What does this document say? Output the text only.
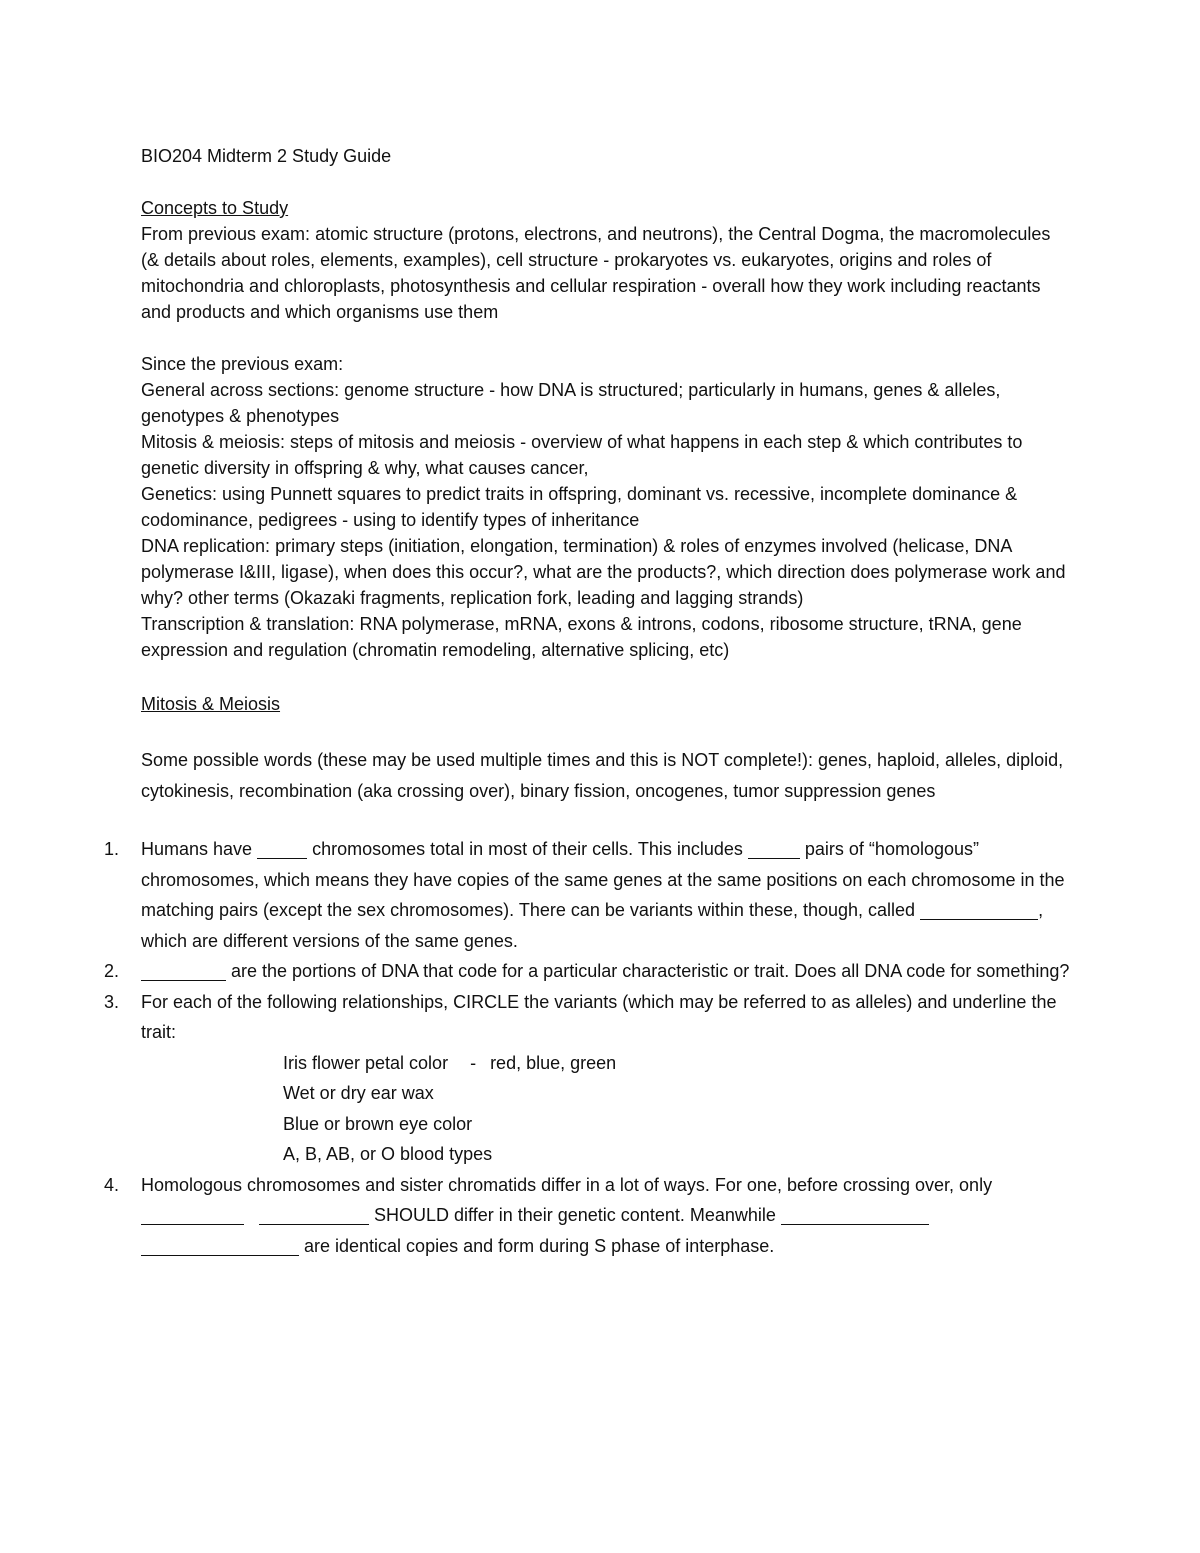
BIO204 Midterm 2 Study Guide

Concepts to Study

From previous exam: atomic structure (protons, electrons, and neutrons), the Central Dogma, the macromolecules (& details about roles, elements, examples), cell structure - prokaryotes vs. eukaryotes, origins and roles of mitochondria and chloroplasts, photosynthesis and cellular respiration - overall how they work including reactants and products and which organisms use them

Since the previous exam:

General across sections: genome structure - how DNA is structured; particularly in humans, genes & alleles, genotypes & phenotypes

Mitosis & meiosis: steps of mitosis and meiosis - overview of what happens in each step & which contributes to genetic diversity in offspring & why, what causes cancer,

Genetics: using Punnett squares to predict traits in offspring, dominant vs. recessive, incomplete dominance & codominance, pedigrees - using to identify types of inheritance

DNA replication: primary steps (initiation, elongation, termination) & roles of enzymes involved (helicase, DNA polymerase I&III, ligase), when does this occur?, what are the products?, which direction does polymerase work and why? other terms (Okazaki fragments, replication fork, leading and lagging strands)

Transcription & translation: RNA polymerase, mRNA, exons & introns, codons, ribosome structure, tRNA, gene expression and regulation (chromatin remodeling, alternative splicing, etc)

Mitosis & Meiosis

Some possible words (these may be used multiple times and this is NOT complete!): genes, haploid, alleles, diploid, cytokinesis, recombination (aka crossing over), binary fission, oncogenes, tumor suppression genes

1. Humans have	chromosomes total in most of their cells. This includes	pairs of “homologous” chromosomes, which means they have copies of the same genes at the same positions on each chromosome in the matching pairs (except the sex chromosomes). There can be variants within these, though, called	, which are different versions of the same genes.
2.	are the portions of DNA that code for a particular characteristic or trait. Does all DNA code for something?
3. For each of the following relationships, CIRCLE the variants (which may be referred to as alleles) and underline the trait:
Iris flower petal color - red, blue, green
Wet or dry ear wax
Blue or brown eye color
A, B, AB, or O blood types
4. Homologous chromosomes and sister chromatids differ in a lot of ways. For one, before crossing over, only     SHOULD differ in their genetic content. Meanwhile   are identical copies and form during S phase of interphase.
